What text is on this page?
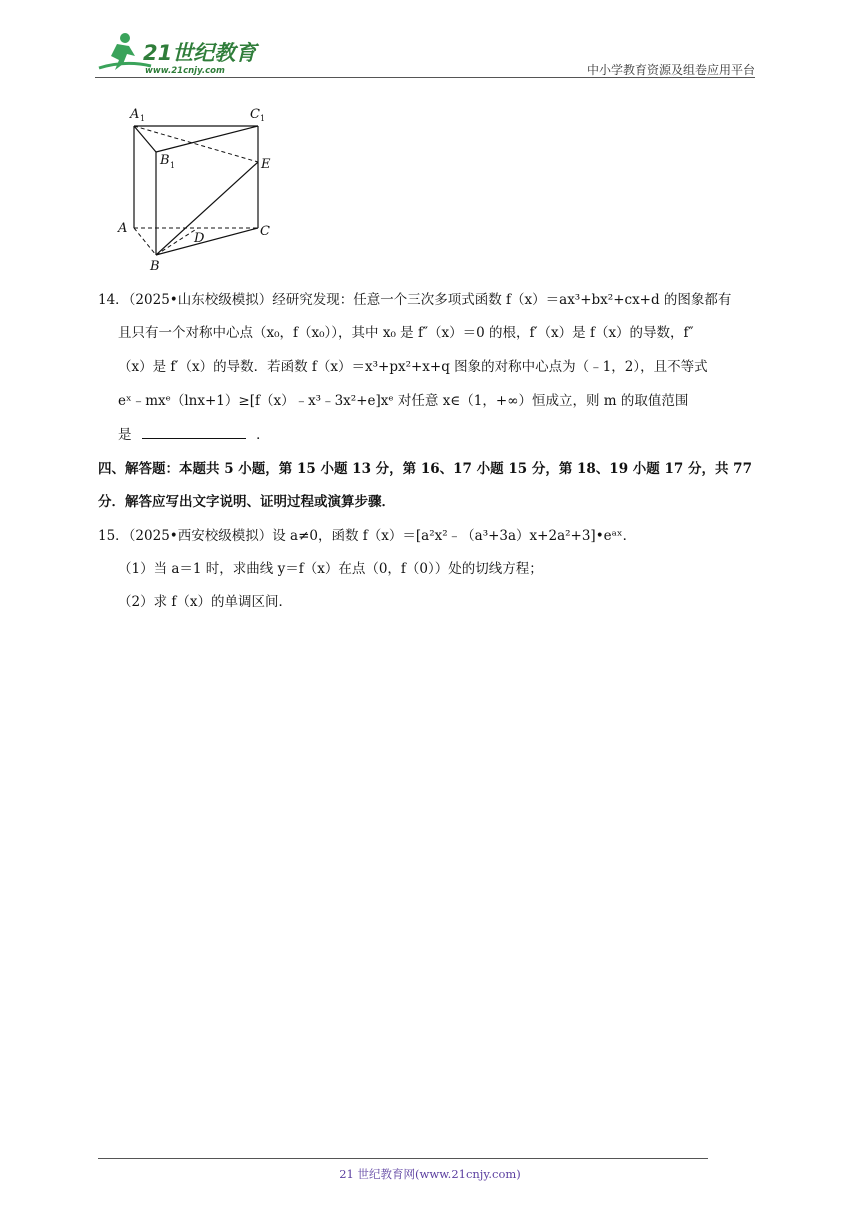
21世纪教育
www.21cnjy.com	中小学教育资源及组卷应用平台
A 1	C 1
B 1	E
A
D	C
B
14．（2025•山东校级模拟）经研究发现：任意一个三次多项式函数 f（x）＝ax³+bx²+cx+d 的图象都有
且只有一个对称中心点（x₀，f（x₀）），其中 x₀ 是 f″（x）＝0 的根，f′（x）是 f（x）的导数，f″
（x）是 f′（x）的导数．若函数 f（x）＝x³+px²+x+q 图象的对称中心点为（﹣1，2），且不等式
eˣ﹣mxᵉ（lnx+1）≥[f（x）﹣x³﹣3x²+e]xᵉ 对任意 x∈（1，+∞）恒成立，则 m 的取值范围
是	．
四、解答题：本题共 5 小题，第 15 小题 13 分，第 16、17 小题 15 分，第 18、19 小题 17 分，共 77
分．解答应写出文字说明、证明过程或演算步骤．
15．（2025•西安校级模拟）设 a≠0，函数 f（x）＝[a²x²﹣（a³+3a）x+2a²+3]•eᵃˣ．
（1）当 a＝1 时，求曲线 y＝f（x）在点（0，f（0））处的切线方程；
（2）求 f（x）的单调区间．
21 世纪教育网(www.21cnjy.com)
